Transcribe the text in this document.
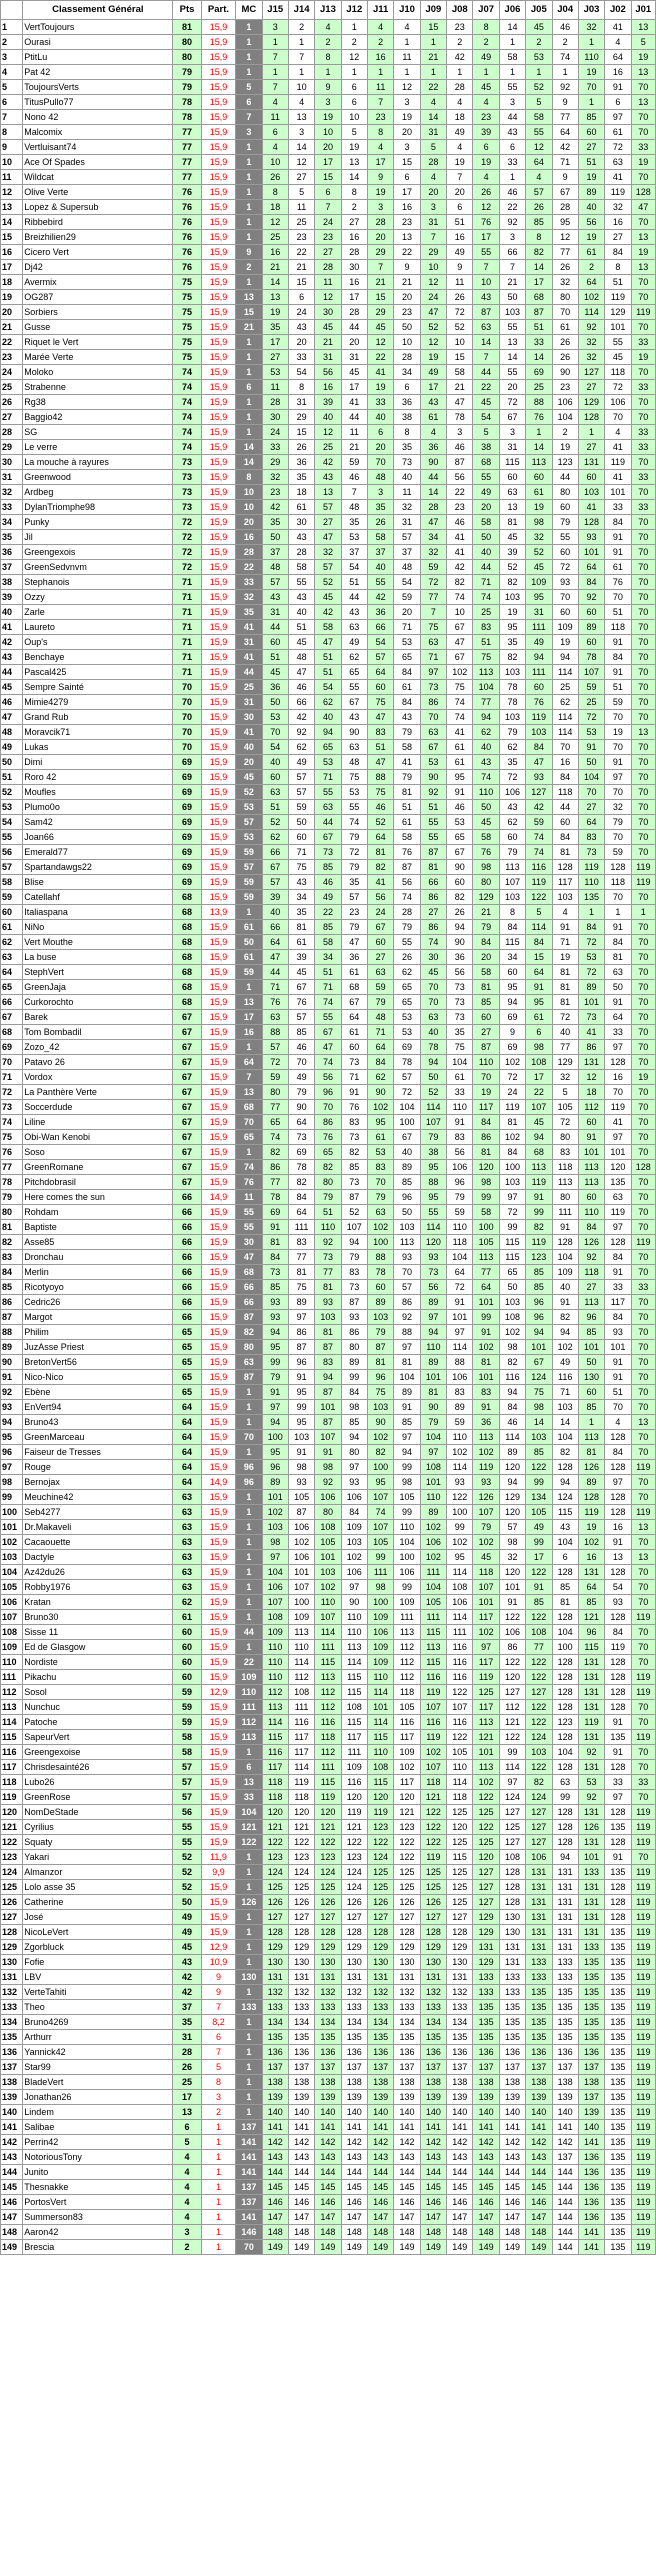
	Classement Général	Pts	Part.	MC	J15	J14	J13	J12	J11	J10	J09	J08	J07	J06	J05	J04	J03	J02	J01
1	VertToujours	81	15,9	1	3	2	4	1	4	4	15	23	8	14	45	46	32	41	13
2	Ourasi	80	15,9	1	1	1	2	2	2	1	1	2	2	1	2	2	1	4	5
3	PtitLu	80	15,9	1	7	7	8	12	16	11	21	42	49	58	53	74	110	64	19
4	Pat 42	79	15,9	1	1	1	1	1	1	1	1	1	1	1	1	1	19	16	13
5	ToujoursVerts	79	15,9	5	7	10	9	6	11	12	22	28	45	55	52	92	70	91	70
6	TitusPullo77	78	15,9	6	4	4	3	6	7	3	4	4	4	3	5	9	1	6	13
7	Nono 42	78	15,9	7	11	13	19	10	23	19	14	18	23	44	58	77	85	97	70
8	Malcomix	77	15,9	3	6	3	10	5	8	20	31	49	39	43	55	64	60	61	70
9	Vertluisant74	77	15,9	1	4	14	20	19	4	3	5	4	6	6	12	42	27	72	33
10	Ace Of Spades	77	15,9	1	10	12	17	13	17	15	28	19	19	33	64	71	51	63	19
11	Wildcat	77	15,9	1	26	27	15	14	9	6	4	7	4	1	4	9	19	41	70
12	Olive Verte	76	15,9	1	8	5	6	8	19	17	20	20	26	46	57	67	89	119	128
13	Lopez & Supersub	76	15,9	1	18	11	7	2	3	16	3	6	12	22	26	28	40	32	47
14	Ribbebird	76	15,9	1	12	25	24	27	28	23	31	51	76	92	85	95	56	16	70
15	Breizhilien29	76	15,9	1	25	23	23	16	20	13	7	16	17	3	8	12	19	27	13
16	Cicero Vert	76	15,9	9	16	22	27	28	29	22	29	49	55	66	82	77	61	84	19
17	Dj42	76	15,9	2	21	21	28	30	7	9	10	9	7	7	14	26	2	8	13
18	Avermix	75	15,9	1	14	15	11	16	21	21	12	11	10	21	17	32	64	51	70
19	OG287	75	15,9	13	13	6	12	17	15	20	24	26	43	50	68	80	102	119	70
20	Sorbiers	75	15,9	15	19	24	30	28	29	23	47	72	87	103	87	70	114	129	119
21	Gusse	75	15,9	21	35	43	45	44	45	50	52	52	63	55	51	61	92	101	70
22	Riquet le Vert	75	15,9	1	17	20	21	20	12	10	12	10	14	13	33	26	32	55	33
23	Marée Verte	75	15,9	1	27	33	31	31	22	28	19	15	7	14	14	26	32	45	19
24	Moloko	74	15,9	1	53	54	56	45	41	34	49	58	44	55	69	90	127	118	70
25	Strabenne	74	15,9	6	11	8	16	17	19	6	17	21	22	20	25	23	27	72	33
26	Rg38	74	15,9	1	28	31	39	41	33	36	43	47	45	72	88	106	129	106	70
27	Baggio42	74	15,9	1	30	29	40	44	40	38	61	78	54	67	76	104	128	70	70
28	SG	74	15,9	1	24	15	12	11	6	8	4	3	5	3	1	2	1	4	33
29	Le verre	74	15,9	14	33	26	25	21	20	35	36	46	38	31	14	19	27	41	33
30	La mouche à rayures	73	15,9	14	29	36	42	59	70	73	90	87	68	115	113	123	131	119	70
31	Greenwood	73	15,9	8	32	35	43	46	48	40	44	56	55	60	60	44	60	41	33
32	Ardbeg	73	15,9	10	23	18	13	7	3	11	14	22	49	63	61	80	103	101	70
33	DylanTriomphe98	73	15,9	10	42	61	57	48	35	32	28	23	20	13	19	60	41	33	33
34	Punky	72	15,9	20	35	30	27	35	26	31	47	46	58	81	98	79	128	84	70
35	Jil	72	15,9	16	50	43	47	53	58	57	34	41	50	45	32	55	93	91	70
36	Greengexois	72	15,9	28	37	28	32	37	37	37	32	41	40	39	52	60	101	91	70
37	GreenSedvnvm	72	15,9	22	48	58	57	54	40	48	59	42	44	52	45	72	64	61	70
38	Stephanois	71	15,9	33	57	55	52	51	55	54	72	82	71	82	109	93	84	76	70
39	Ozzy	71	15,9	32	43	43	45	44	42	59	77	74	74	103	95	70	92	70	70
40	Zarle	71	15,9	35	31	40	42	43	36	20	7	10	25	19	31	60	60	51	70
41	Laureto	71	15,9	41	44	51	58	63	66	71	75	67	83	95	111	109	89	118	70
42	Oup's	71	15,9	31	60	45	47	49	54	53	63	47	51	35	49	19	60	91	70
43	Benchaye	71	15,9	41	51	48	51	62	57	65	71	67	75	82	94	94	78	84	70
44	Pascal425	71	15,9	44	45	47	51	65	64	84	97	102	113	103	111	114	107	91	70
45	Sempre Sainté	70	15,9	25	36	46	54	55	60	61	73	75	104	78	60	25	59	51	70
46	Mimie4279	70	15,9	31	50	66	62	67	75	84	86	74	77	78	76	62	25	59	70
47	Grand Rub	70	15,9	30	53	42	40	43	47	43	70	74	94	103	119	114	72	70	70
48	Moravcik71	70	15,9	41	70	92	94	90	83	79	63	41	62	79	103	114	53	19	13
49	Lukas	70	15,9	40	54	62	65	63	51	58	67	61	40	62	84	70	91	70	70
50	Dimi	69	15,9	20	40	49	53	48	47	41	53	61	43	35	47	16	50	91	70
51	Roro 42	69	15,9	45	60	57	71	75	88	79	90	95	74	72	93	84	104	97	70
52	Moufles	69	15,9	52	63	57	55	53	75	81	92	91	110	106	127	118	70	70	70
53	Plumo0o	69	15,9	53	51	59	63	55	46	51	51	46	50	43	42	44	27	32	70
54	Sam42	69	15,9	57	52	50	44	74	52	61	55	53	45	62	59	60	64	79	70
55	Joan66	69	15,9	53	62	60	67	79	64	58	55	65	58	60	74	84	83	70	70
56	Emerald77	69	15,9	59	66	71	73	72	81	76	87	67	76	79	74	81	73	59	70
57	Spartandawgs22	69	15,9	57	67	75	85	79	82	87	81	90	98	113	116	128	119	128	119
58	Blise	69	15,9	59	57	43	46	35	41	56	66	60	80	107	119	117	110	118	119
59	Catellahf	68	15,9	59	39	34	49	57	56	74	86	82	129	103	122	103	135	70	70
60	Italiaspana	68	13,9	1	40	35	22	23	24	28	27	26	21	8	5	4	1	1	1
61	NiNo	68	15,9	61	66	81	85	79	67	79	86	94	79	84	114	91	84	91	70
62	Vert Mouthe	68	15,9	50	64	61	58	47	60	55	74	90	84	115	84	71	72	84	70
63	La buse	68	15,9	61	47	39	34	36	27	26	30	36	20	34	15	19	53	81	70
64	StephVert	68	15,9	59	44	45	51	61	63	62	45	56	58	60	64	81	72	63	70
65	GreenJaja	68	15,9	1	71	67	71	68	59	65	70	73	81	95	91	81	89	50	70
66	Curkorochto	68	15,9	13	76	76	74	67	79	65	70	73	85	94	95	81	101	91	70
67	Barek	67	15,9	17	63	57	55	64	48	53	63	73	60	69	61	72	73	64	70
68	Tom Bombadil	67	15,9	16	88	85	67	61	71	53	40	35	27	9	6	40	41	33	70
69	Zozo_42	67	15,9	1	57	46	47	60	64	69	78	75	87	69	98	77	86	97	70
70	Patavo 26	67	15,9	64	72	70	74	73	84	78	94	104	110	102	108	129	131	128	70
71	Vordox	67	15,9	7	59	49	56	71	62	57	50	61	70	72	17	32	12	16	19
72	La Panthère Verte	67	15,9	13	80	79	96	91	90	72	52	33	19	24	22	5	18	70	70
73	Soccerdude	67	15,9	68	77	90	70	76	102	104	114	110	117	119	107	105	112	119	70
74	Liline	67	15,9	70	65	64	86	83	95	100	107	91	84	81	45	72	60	41	70
75	Obi-Wan Kenobi	67	15,9	65	74	73	76	73	61	67	79	83	86	102	94	80	91	97	70
76	Soso	67	15,9	1	82	69	65	82	53	40	38	56	81	84	68	83	101	101	70
77	GreenRomane	67	15,9	74	86	78	82	85	83	89	95	106	120	100	113	118	113	120	128
78	Pitchdobrasil	67	15,9	76	77	82	80	73	70	85	88	96	98	103	119	113	113	135	70
79	Here comes the sun	66	14,9	11	78	84	79	87	79	96	95	79	99	97	91	80	60	63	70
80	Rohdam	66	15,9	55	69	64	51	52	63	50	55	59	58	72	99	111	110	119	70
81	Baptiste	66	15,9	55	91	111	110	107	102	103	114	110	100	99	82	91	84	97	70
82	Asse85	66	15,9	30	81	83	92	94	100	113	120	118	105	115	119	128	126	128	119
83	Dronchau	66	15,9	47	84	77	73	79	88	93	93	104	113	115	123	104	92	84	70
84	Merlin	66	15,9	68	73	81	77	83	78	70	73	64	77	65	85	109	118	91	70
85	Ricotyoyo	66	15,9	66	85	75	81	73	60	57	56	72	64	50	85	40	27	33	33
86	Cedric26	66	15,9	66	93	89	93	87	89	86	89	91	101	103	96	91	113	117	70
87	Margot	66	15,9	87	93	97	103	93	103	92	97	101	99	108	96	82	96	84	70
88	Philim	65	15,9	82	94	86	81	86	79	88	94	97	91	102	94	94	85	93	70
89	JuzAsse Priest	65	15,9	80	95	87	87	80	87	97	110	114	102	98	101	102	101	101	70
90	BretonVert56	65	15,9	63	99	96	83	89	81	81	89	88	81	82	67	49	50	91	70
91	Nico-Nico	65	15,9	87	79	91	94	99	96	104	101	106	101	116	124	116	130	91	70
92	Ebène	65	15,9	1	91	95	87	84	75	89	81	83	83	94	75	71	60	51	70
93	EnVert94	64	15,9	1	97	99	101	98	103	91	90	89	91	84	98	103	85	70	70
94	Bruno43	64	15,9	1	94	95	87	85	90	85	79	59	36	46	14	14	1	4	13
95	GreenMarceau	64	15,9	70	100	103	107	94	102	97	104	110	113	114	103	104	113	128	70
96	Faiseur de Tresses	64	15,9	1	95	91	91	80	82	94	97	102	102	89	85	82	81	84	70
97	Rouge	64	15,9	96	96	98	98	97	100	99	108	114	119	120	122	128	126	128	119
98	Bernojax	64	14,9	96	89	93	92	93	95	98	101	93	93	94	99	94	89	97	70
99	Meuchine42	63	15,9	1	101	105	106	106	107	105	110	122	126	129	134	124	128	128	70
100	Seb4277	63	15,9	1	102	87	80	84	74	99	89	100	107	120	105	115	119	128	119
101	Dr.Makaveli	63	15,9	1	103	106	108	109	107	110	102	99	79	57	49	43	19	16	13
102	Cacaouette	63	15,9	1	98	102	105	103	105	104	106	102	102	98	99	104	102	91	70
103	Dactyle	63	15,9	1	97	106	101	102	99	100	102	95	45	32	17	6	16	13	13
104	Az42du26	63	15,9	1	104	101	103	106	111	106	111	114	118	120	122	128	131	128	70
105	Robby1976	63	15,9	1	106	107	102	97	98	99	104	108	107	101	91	85	64	54	70
106	Kratan	62	15,9	1	107	100	110	90	100	109	105	106	101	91	85	81	85	93	70
107	Bruno30	61	15,9	1	108	109	107	110	109	111	111	114	117	122	122	128	121	128	119
108	Sisse 11	60	15,9	44	109	113	114	110	106	113	115	111	102	106	108	104	96	84	70
109	Ed de Glasgow	60	15,9	1	110	110	111	113	109	112	113	116	97	86	77	100	115	119	70
110	Nordiste	60	15,9	22	110	114	115	114	109	112	115	116	117	122	122	128	131	128	70
111	Pikachu	60	15,9	109	110	112	113	115	110	112	116	116	119	120	122	128	131	128	119
112	Sosol	59	12,9	110	112	108	112	115	114	118	119	122	125	127	127	128	131	128	119
113	Nunchuc	59	15,9	111	113	111	112	108	101	105	107	107	117	112	122	128	131	128	70
114	Patoche	59	15,9	112	114	116	116	115	114	116	116	116	113	121	122	123	119	91	70
115	SapeurVert	58	15,9	113	115	117	118	117	115	117	119	122	121	122	124	128	131	135	119
116	Greengexoise	58	15,9	1	116	117	112	111	110	109	102	105	101	99	103	104	92	91	70
117	Chrisdesainté26	57	15,9	6	117	114	111	109	108	102	107	110	113	114	122	128	131	128	70
118	Lubo26	57	15,9	13	118	119	115	116	115	117	118	114	102	97	82	63	53	33	33
119	GreenRose	57	15,9	33	118	118	119	120	120	120	121	118	122	124	124	99	92	97	70
120	NomDeStade	56	15,9	104	120	120	120	119	119	121	122	125	125	127	127	128	131	128	119
121	Cyrilius	55	15,9	121	121	121	121	121	123	123	122	120	122	125	127	128	126	135	119
122	Squaty	55	15,9	122	122	122	122	122	122	122	122	125	125	127	127	128	131	128	119
123	Yakari	52	11,9	1	123	123	123	123	124	122	119	115	120	108	106	94	101	91	70
124	Almanzor	52	9,9	1	124	124	124	124	125	125	125	125	127	128	131	131	133	135	119
125	Lolo asse 35	52	15,9	1	125	125	125	124	125	125	125	125	127	128	131	131	131	128	119
126	Catherine	50	15,9	126	126	126	126	126	126	126	126	125	127	128	131	131	131	128	119
127	José	49	15,9	1	127	127	127	127	127	127	127	127	129	130	131	131	131	128	119
128	NicoLeVert	49	15,9	1	128	128	128	128	128	128	128	128	129	130	131	131	131	135	119
129	Zgorbluck	45	12,9	1	129	129	129	129	129	129	129	129	131	131	131	131	133	135	119
130	Fofie	43	10,9	1	130	130	130	130	130	130	130	130	129	131	133	133	135	135	119
131	LBV	42	9	130	131	131	131	131	131	131	131	131	133	133	133	133	135	135	119
132	VerteTahiti	42	9	1	132	132	132	132	132	132	132	132	133	133	135	135	135	135	119
133	Theo	37	7	133	133	133	133	133	133	133	133	133	135	135	135	135	135	135	119
134	Bruno4269	35	8,2	1	134	134	134	134	134	134	134	134	135	135	135	135	135	135	119
135	Arthurr	31	6	1	135	135	135	135	135	135	135	135	135	135	135	135	135	135	119
136	Yannick42	28	7	1	136	136	136	136	136	136	136	136	136	136	136	136	136	135	119
137	Star99	26	5	1	137	137	137	137	137	137	137	137	137	137	137	137	137	135	119
138	BladeVert	25	8	1	138	138	138	138	138	138	138	138	138	138	138	138	138	135	119
139	Jonathan26	17	3	1	139	139	139	139	139	139	139	139	139	139	139	139	137	135	119
140	Lindem	13	2	1	140	140	140	140	140	140	140	140	140	140	140	140	139	135	119
141	Salibae	6	1	137	141	141	141	141	141	141	141	141	141	141	141	141	140	135	119
142	Perrin42	5	1	141	142	142	142	142	142	142	142	142	142	142	142	142	141	135	119
143	NotoriousTony	4	1	141	143	143	143	143	143	143	143	143	143	143	143	137	136	135	119
144	Junito	4	1	141	144	144	144	144	144	144	144	144	144	144	144	144	136	135	119
145	Thesnakke	4	1	137	145	145	145	145	145	145	145	145	145	145	145	144	136	135	119
146	PortosVert	4	1	137	146	146	146	146	146	146	146	146	146	146	146	144	136	135	119
147	Summerson83	4	1	141	147	147	147	147	147	147	147	147	147	147	147	144	136	135	119
148	Aaron42	3	1	146	148	148	148	148	148	148	148	148	148	148	148	144	141	135	119
149	Brescia	2	1	70	149	149	149	149	149	149	149	149	149	149	149	144	141	135	119
